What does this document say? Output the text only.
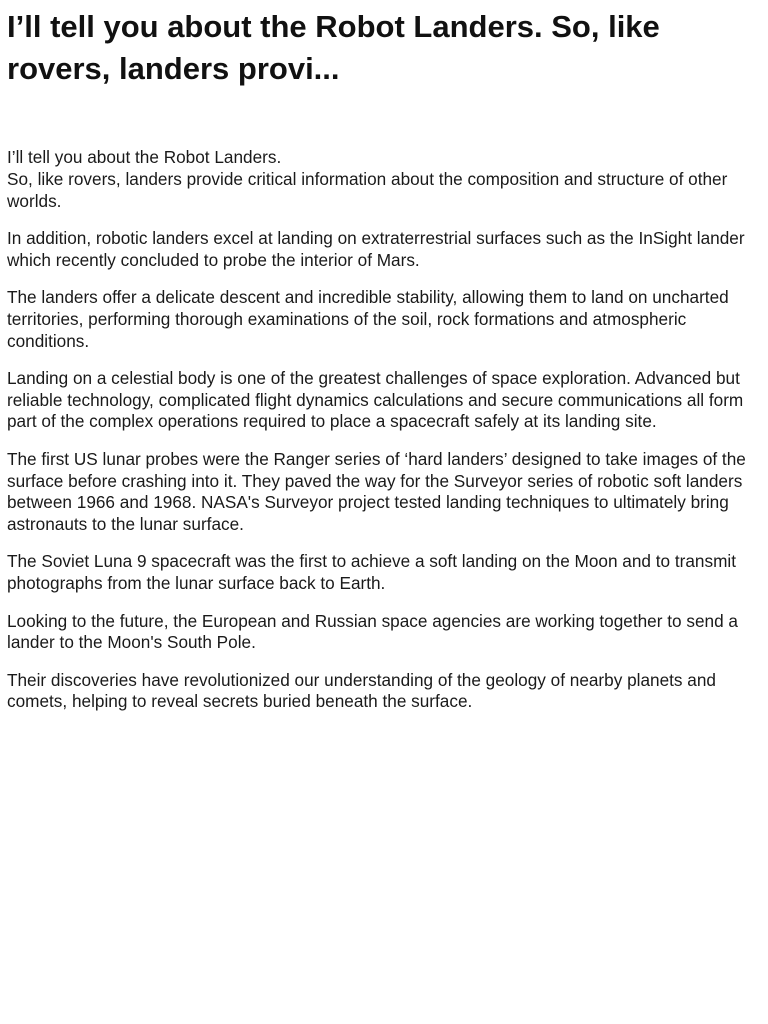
I’ll tell you about the Robot Landers. So, like rovers, landers provi...

I’ll tell you about the Robot Landers.
So, like rovers, landers provide critical information about the composition and structure of other worlds.

In addition, robotic landers excel at landing on extraterrestrial surfaces such as the InSight lander which recently concluded to probe the interior of Mars.

The landers offer a delicate descent and incredible stability, allowing them to land on uncharted territories, performing thorough examinations of the soil, rock formations and atmospheric conditions.

Landing on a celestial body is one of the greatest challenges of space exploration. Advanced but reliable technology, complicated flight dynamics calculations and secure communications all form part of the complex operations required to place a spacecraft safely at its landing site.

The first US lunar probes were the Ranger series of ‘hard landers’ designed to take images of the surface before crashing into it. They paved the way for the Surveyor series of robotic soft landers between 1966 and 1968. NASA's Surveyor project tested landing techniques to ultimately bring astronauts to the lunar surface.

The Soviet Luna 9 spacecraft was the first to achieve a soft landing on the Moon and to transmit photographs from the lunar surface back to Earth.

Looking to the future, the European and Russian space agencies are working together to send a lander to the Moon's South Pole.

Their discoveries have revolutionized our understanding of the geology of nearby planets and comets, helping to reveal secrets buried beneath the surface.
